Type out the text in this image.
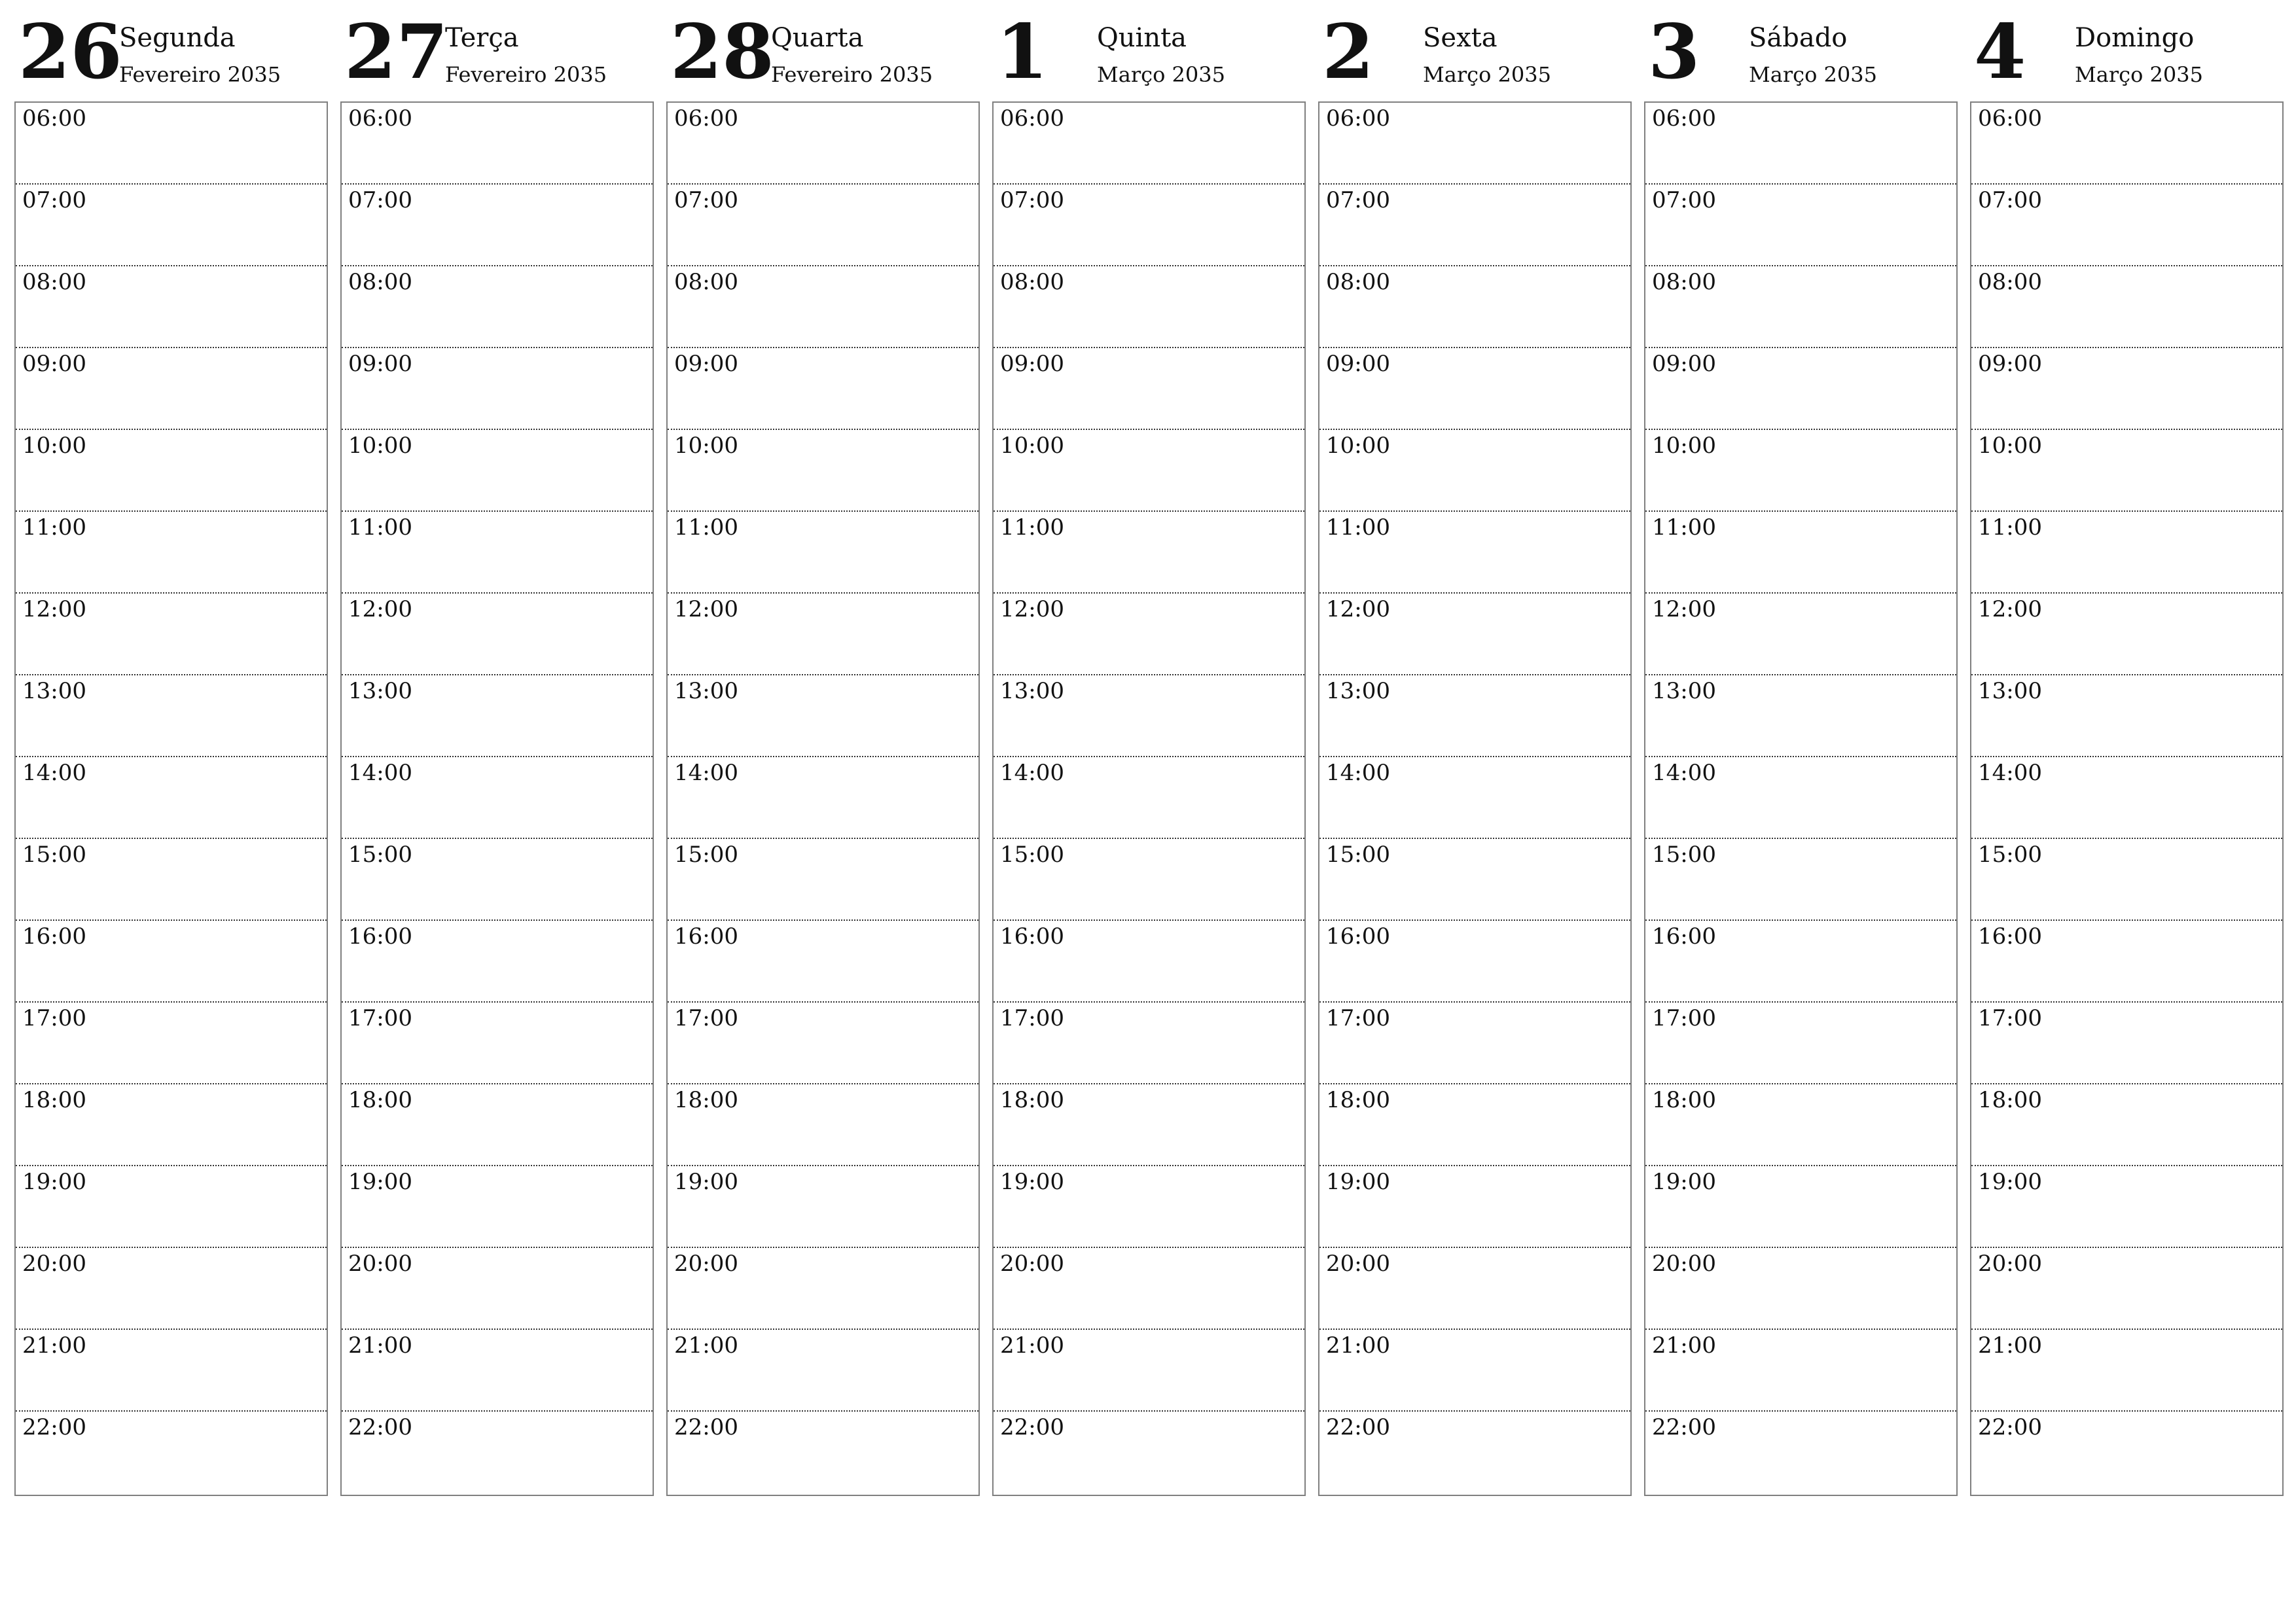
26
Segunda
Fevereiro 2035
06:00
07:00
08:00
09:00
10:00
11:00
12:00
13:00
14:00
15:00
16:00
17:00
18:00
19:00
20:00
21:00
22:00
27
Terça
Fevereiro 2035
06:00
07:00
08:00
09:00
10:00
11:00
12:00
13:00
14:00
15:00
16:00
17:00
18:00
19:00
20:00
21:00
22:00
28
Quarta
Fevereiro 2035
06:00
07:00
08:00
09:00
10:00
11:00
12:00
13:00
14:00
15:00
16:00
17:00
18:00
19:00
20:00
21:00
22:00
1 Quinta
Março 2035
06:00
07:00
08:00
09:00
10:00
11:00
12:00
13:00
14:00
15:00
16:00
17:00
18:00
19:00
20:00
21:00
22:00
2 Sexta
Março 2035
06:00
07:00
08:00
09:00
10:00
11:00
12:00
13:00
14:00
15:00
16:00
17:00
18:00
19:00
20:00
21:00
22:00
3 Sábado
Março 2035
06:00
07:00
08:00
09:00
10:00
11:00
12:00
13:00
14:00
15:00
16:00
17:00
18:00
19:00
20:00
21:00
22:00
4 Domingo
Março 2035
06:00
07:00
08:00
09:00
10:00
11:00
12:00
13:00
14:00
15:00
16:00
17:00
18:00
19:00
20:00
21:00
22:00
